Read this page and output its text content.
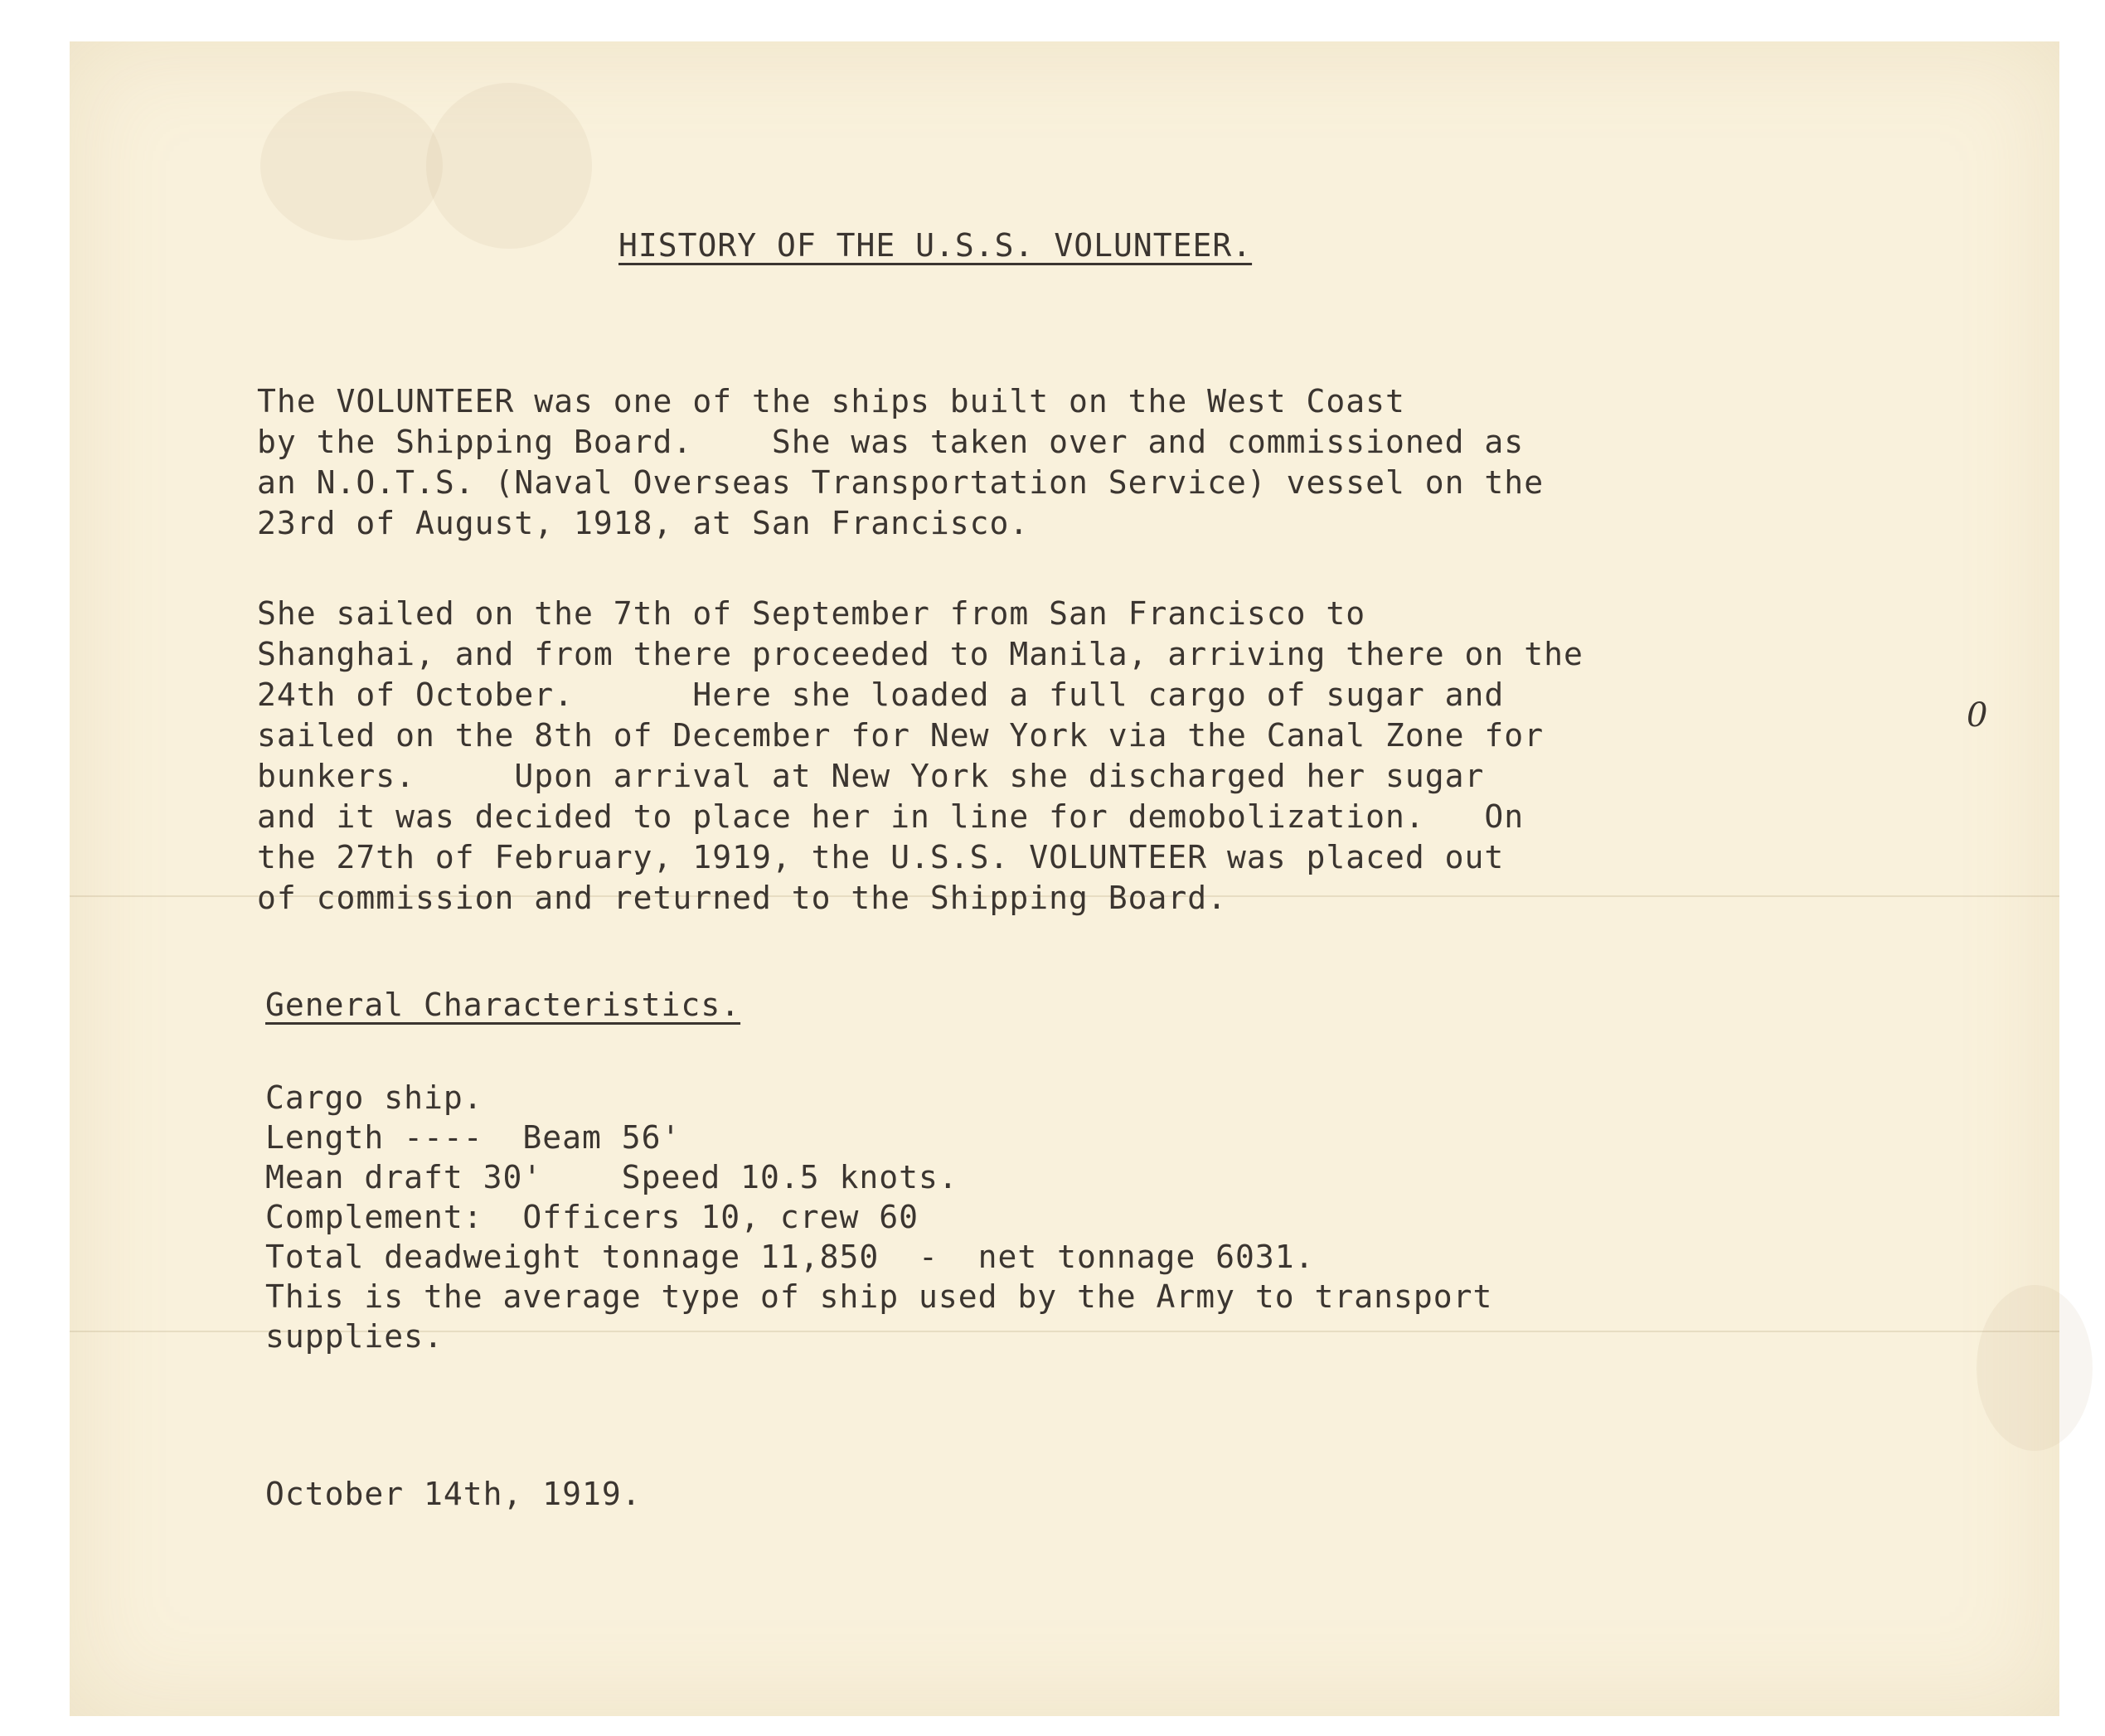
HISTORY OF THE U.S.S. VOLUNTEER.
The VOLUNTEER was one of the ships built on the West Coast
by the Shipping Board.    She was taken over and commissioned as
an N.O.T.S. (Naval Overseas Transportation Service) vessel on the
23rd of August, 1918, at San Francisco.
She sailed on the 7th of September from San Francisco to
Shanghai, and from there proceeded to Manila, arriving there on the
24th of October.      Here she loaded a full cargo of sugar and
sailed on the 8th of December for New York via the Canal Zone for
bunkers.     Upon arrival at New York she discharged her sugar
and it was decided to place her in line for demobolization.   On
the 27th of February, 1919, the U.S.S. VOLUNTEER was placed out
of commission and returned to the Shipping Board.
General Characteristics.
Cargo ship.
Length ----  Beam 56'
Mean draft 30'    Speed 10.5 knots.
Complement:  Officers 10, crew 60
Total deadweight tonnage 11,850  -  net tonnage 6031.
This is the average type of ship used by the Army to transport
supplies.
October 14th, 1919.
0
